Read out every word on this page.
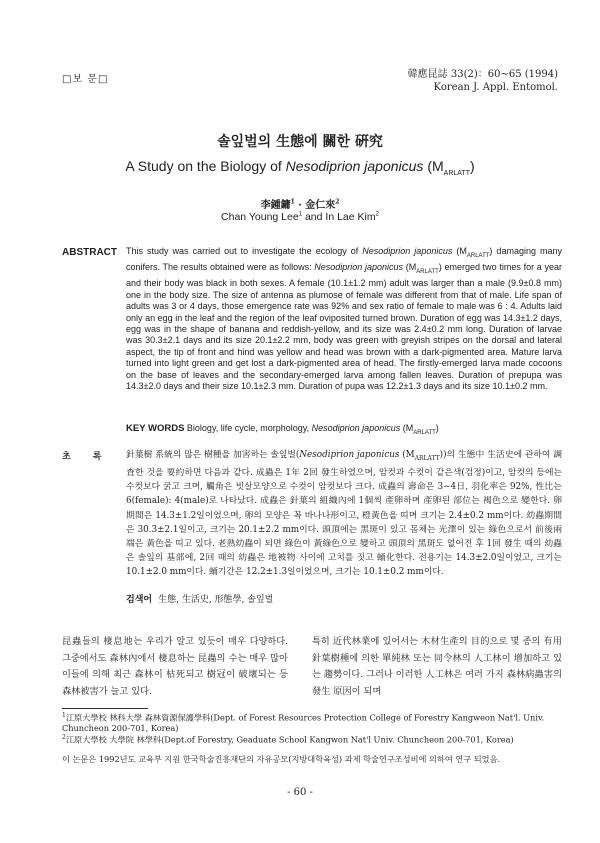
□보 문□	韓應昆誌 33(2)：60∼65 (1994)
Korean J. Appl. Entomol.
솔잎벌의 生態에 關한 硏究
A Study on the Biology of Nesodiprion japonicus $(M_{ARLATT})$
李鍾鏞$^1$ · 金仁來$^2$
Chan Young Lee$^1$ and In Lae Kim$^2$
ABSTRACT This study was carried out to investigate the ecology of Nesodiprion japonicus $(M_{ARLATT})$ damaging many conifers. The results obtained were as follows: Nesodiprion japonicus $(M_{ARLATT})$ emerged two times for a year and their body was black in both sexes. A female (10.1±1.2 mm) adult was larger than a male (9.9±0.8 mm) one in the body size. The size of antenna as plumose of female was different from that of male. Life span of adults was 3 or 4 days, those emergence rate was 92% and sex ratio of female to male was 6 : 4. Adults laid only an egg in the leaf and the region of the leaf oviposited turned brown. Duration of egg was 14.3±1.2 days, egg was in the shape of banana and reddish-yellow, and its size was 2.4±0.2 mm long. Duration of larvae was 30.3±2.1 days and its size 20.1±2.2 mm, body was green with greyish stripes on the dorsal and lateral aspect, the tip of front and hind was yellow and head was brown with a dark-pigmented area. Mature larva turned into light green and get lost a dark-pigmented area of head. The firstly-emerged larva made cocoons on the base of leaves and the secondary-emerged larva among fallen leaves. Duration of prepupa was 14.3±2.0 days and their size 10.1±2.3 mm. Duration of pupa was 12.2±1.3 days and its size 10.1±0.2 mm.
KEY WORDS Biology, life cycle, morphology, Nesodiprion japonicus $(M_{ARLATT})$
초록 針葉樹 系統의 많은 樹種을 加害하는 솔잎벌(Nesodiprion japonicus $(M_{ARLATT})$)의 生態中 生活史에 관하여 調査한 것을 要約하면 다음과 같다. 成蟲은 1年 2回 發生하였으며, 암컷과 수컷이 같은색(검정)이고, 암컷의 등에는 수컷보다 굵고 크며, 觸角은 빗살모양으로 수컷이 암컷보다 크다. 成蟲의 壽命은 3∼4日, 羽化率은 92%, 性比는 6(female): 4(male)로 나타났다. 成蟲은 針葉의 組織內에 1個씩 產卵하며 產卵된 部位는 褐色으로 變한다. 卵 期間은 14.3±1.2일이었으며, 卵의 모양은 꼭 바나나形이고, 橙黃色을 띠며 크기는 2.4±0.2 mm이다. 幼蟲期間은 30.3±2.1일이고, 크기는 20.1±2.2 mm이다. 頭頂에는 黑斑이 있고 몸체는 光澤이 있는 綠色으로서 前後兩端은 黃色을 띠고 있다. 老熟幼蟲이 되면 綠色이 黃綠色으로 變하고 頭頂의 黑斑도 없어진 후 1回 發生 때의 幼蟲은 솔잎의 基部에, 2回 때의 幼蟲은 地被物 사이에 고치를 짓고 蛹化한다. 전용기는 14.3±2.0일이었고, 크기는 10.1±2.0 mm이다. 蛹기간은 12.2±1.3일이었으며, 크기는 10.1±0.2 mm이다.
검색어 生態, 生活史, 形態學, 솔잎벌
昆蟲들의 棲息地는 우리가 알고 있듯이 매우 다양하다. 그중에서도 森林內에서 棲息하는 昆蟲의 수는 매우 많아 이들에 의해 최근 森林이 枯死되고 樹冠이 破壞되는 등 森林被害가 늘고 있다.
특히 近代林業에 있어서는 木材生產의 目的으로 몇 종의 有用針葉樹種에 의한 單純林 또는 同令林의 人工林이 增加하고 있는 趨勢이다. 그러나 이러한 人工林은 여러 가지 森林病蟲害의 發生 原因이 되며
$^1$江原大學校 林科大學 森林資源保護學科(Dept. of Forest Resources Protection College of Forestry Kangweon Nat'l. Univ. Chuncheon 200-701, Korea)
$^2$江原大學校 大學院 林學科(Dept.of Forestry, Geaduate School Kangwon Nat'l Univ. Chuncheon 200-701, Korea)
이 논문은 1992년도 교육부 지원 한국학술진흥재단의 자유공모(지방대학육성) 과제 학술연구조성비에 의하여 연구 되었음.
- 60 -
